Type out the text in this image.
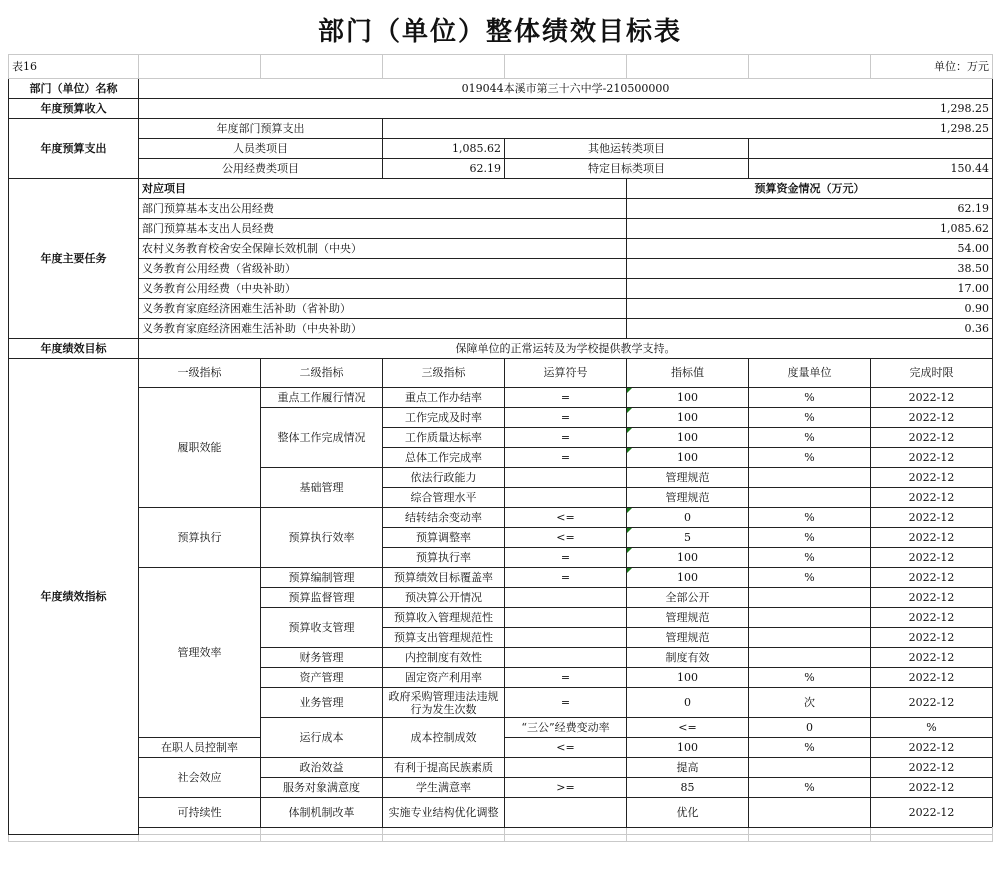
部门（单位）整体绩效目标表
表16							单位：万元	
部门（单位）名称	019044本溪市第三十六中学-210500000							
年度预算收入	1,298.25							
年度预算支出	年度部门预算支出		1,298.25					
	人员类项目		1,085.62	其他运转类项目				
	公用经费类项目		62.19	特定目标类项目		150.44		
年度主要任务	对应项目				预算资金情况（万元）			
	部门预算基本支出公用经费				62.19			
	部门预算基本支出人员经费				1,085.62			
	农村义务教育校舍安全保障长效机制（中央）				54.00			
	义务教育公用经费（省级补助）				38.50			
	义务教育公用经费（中央补助）				17.00			
	义务教育家庭经济困难生活补助（省补助）				0.90			
	义务教育家庭经济困难生活补助（中央补助）				0.36			
年度绩效目标	保障单位的正常运转及为学校提供教学支持。							
年度绩效指标	一级指标	二级指标	三级指标	运算符号	指标值	度量单位	完成时限	
	履职效能	重点工作履行情况	重点工作办结率	=	100	%	2022-12	
		整体工作完成情况	工作完成及时率	=	100	%	2022-12	
			工作质量达标率	=	100	%	2022-12	
			总体工作完成率	=	100	%	2022-12	
		基础管理	依法行政能力		管理规范		2022-12	
			综合管理水平		管理规范		2022-12	
	预算执行	预算执行效率	结转结余变动率	<=	0	%	2022-12	
			预算调整率	<=	5	%	2022-12	
			预算执行率	=	100	%	2022-12	
	管理效率	预算编制管理	预算绩效目标覆盖率	=	100	%	2022-12	
		预算监督管理	预决算公开情况		全部公开		2022-12	
		预算收支管理	预算收入管理规范性		管理规范		2022-12	
			预算支出管理规范性		管理规范		2022-12	
		财务管理	内控制度有效性		制度有效		2022-12	
		资产管理	固定资产利用率	=	100	%	2022-12	
		业务管理	政府采购管理违法违规行为发生次数	=	0	次	2022-12	
		运行成本	成本控制成效	“三公”经费变动率	<=	0	%	
	在职人员控制率			<=	100	%	2022-12	
	社会效应	政治效益	有利于提高民族素质		提高		2022-12	
		服务对象满意度	学生满意率	>=	85	%	2022-12	
	可持续性	体制机制改革	实施专业结构优化调整		优化		2022-12	
